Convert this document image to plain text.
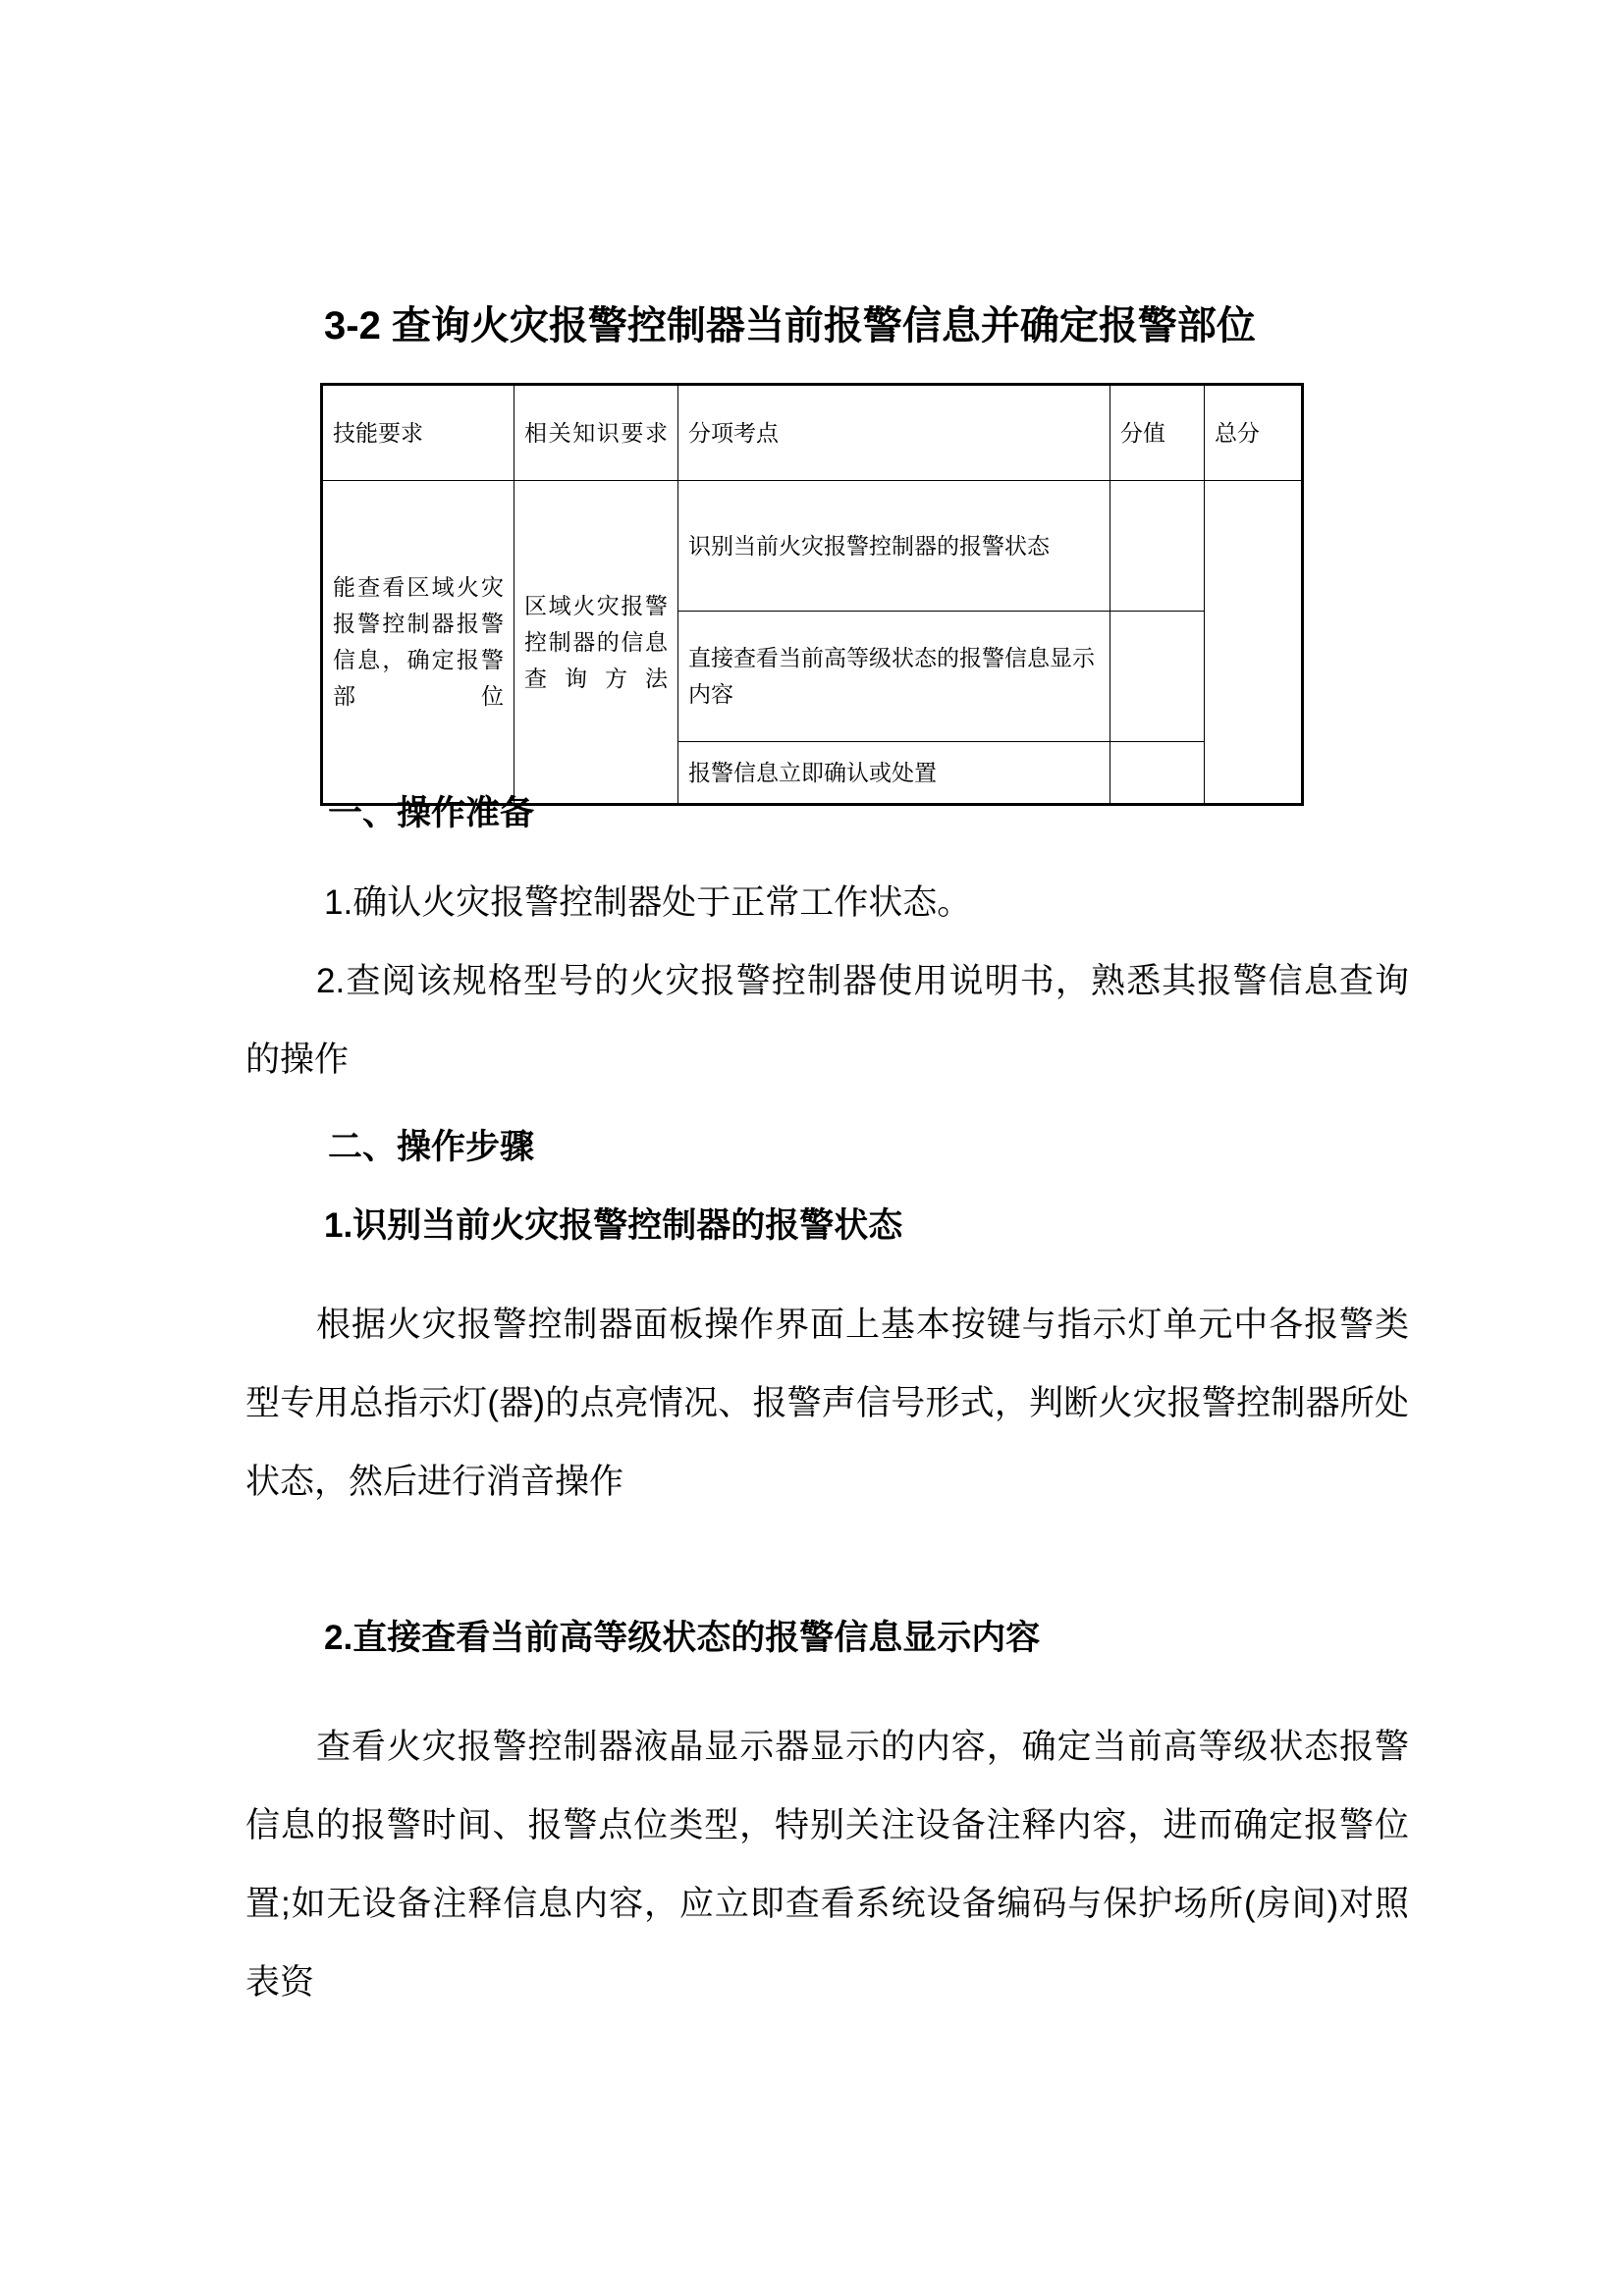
3-2 查询火灾报警控制器当前报警信息并确定报警部位
技能要求	相关知识要求	分项考点	分值	总分
能查看区域火灾报警控制器报警信息，确定报警部位	区域火灾报警控制器的信息查询方法	识别当前火灾报警控制器的报警状态		
		直接查看当前高等级状态的报警信息显示内容		
		报警信息立即确认或处置		
一、操作准备
1.确认火灾报警控制器处于正常工作状态。
2.查阅该规格型号的火灾报警控制器使用说明书，熟悉其报警信息查询的操作
二、操作步骤
1.识别当前火灾报警控制器的报警状态
根据火灾报警控制器面板操作界面上基本按键与指示灯单元中各报警类型专用总指示灯(器)的点亮情况、报警声信号形式，判断火灾报警控制器所处状态，然后进行消音操作
2.直接查看当前高等级状态的报警信息显示内容
查看火灾报警控制器液晶显示器显示的内容，确定当前高等级状态报警信息的报警时间、报警点位类型，特别关注设备注释内容，进而确定报警位置;如无设备注释信息内容，应立即查看系统设备编码与保护场所(房间)对照表资
